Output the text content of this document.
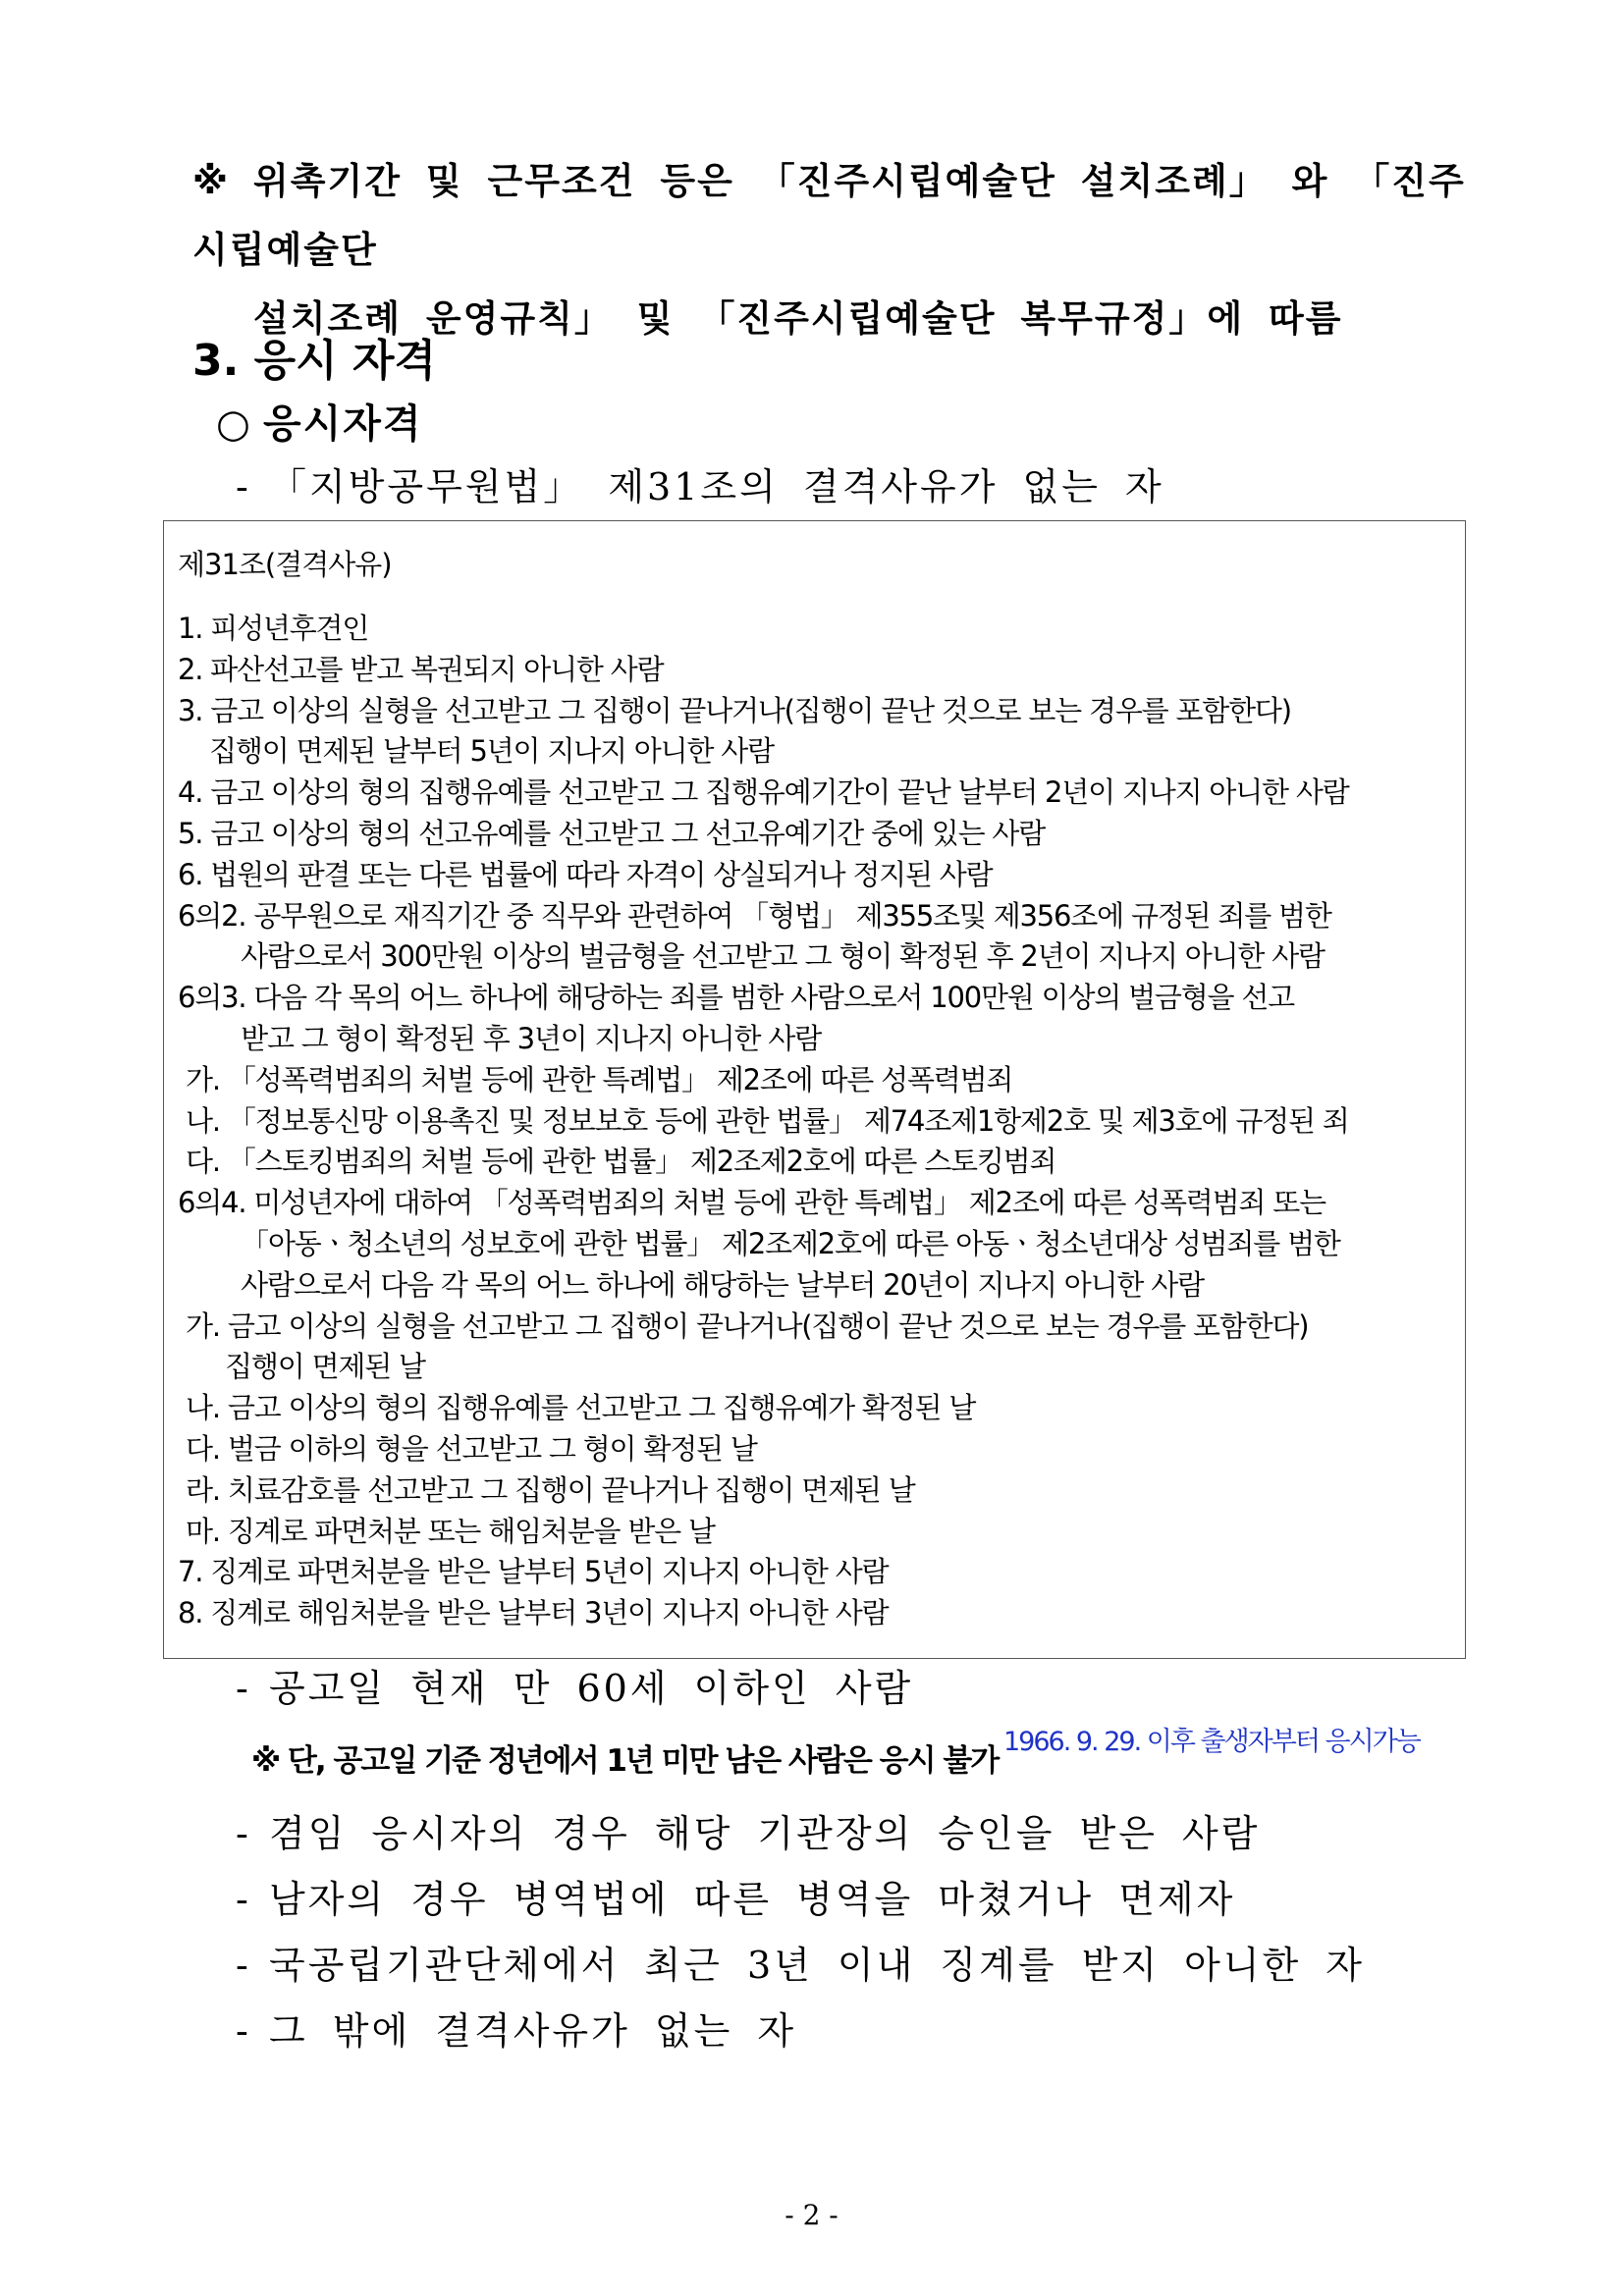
※ 위촉기간 및 근무조건 등은 「진주시립예술단 설치조례」 와 「진주시립예술단
설치조례 운영규칙」 및 「진주시립예술단 복무규정」에 따름
3. 응시 자격
○ 응시자격
- 「지방공무원법」 제31조의 결격사유가 없는 자
제31조(결격사유)
1. 피성년후견인
2. 파산선고를 받고 복권되지 아니한 사람
3. 금고 이상의 실형을 선고받고 그 집행이 끝나거나(집행이 끝난 것으로 보는 경우를 포함한다)
집행이 면제된 날부터 5년이 지나지 아니한 사람
4. 금고 이상의 형의 집행유예를 선고받고 그 집행유예기간이 끝난 날부터 2년이 지나지 아니한 사람
5. 금고 이상의 형의 선고유예를 선고받고 그 선고유예기간 중에 있는 사람
6. 법원의 판결 또는 다른 법률에 따라 자격이 상실되거나 정지된 사람
6의2. 공무원으로 재직기간 중 직무와 관련하여 「형법」 제355조및 제356조에 규정된 죄를 범한
사람으로서 300만원 이상의 벌금형을 선고받고 그 형이 확정된 후 2년이 지나지 아니한 사람
6의3. 다음 각 목의 어느 하나에 해당하는 죄를 범한 사람으로서 100만원 이상의 벌금형을 선고
받고 그 형이 확정된 후 3년이 지나지 아니한 사람
가. 「성폭력범죄의 처벌 등에 관한 특례법」 제2조에 따른 성폭력범죄
나. 「정보통신망 이용촉진 및 정보보호 등에 관한 법률」 제74조제1항제2호 및 제3호에 규정된 죄
다. 「스토킹범죄의 처벌 등에 관한 법률」 제2조제2호에 따른 스토킹범죄
6의4. 미성년자에 대하여 「성폭력범죄의 처벌 등에 관한 특례법」 제2조에 따른 성폭력범죄 또는
「아동ㆍ청소년의 성보호에 관한 법률」 제2조제2호에 따른 아동ㆍ청소년대상 성범죄를 범한
사람으로서 다음 각 목의 어느 하나에 해당하는 날부터 20년이 지나지 아니한 사람
가. 금고 이상의 실형을 선고받고 그 집행이 끝나거나(집행이 끝난 것으로 보는 경우를 포함한다)
집행이 면제된 날
나. 금고 이상의 형의 집행유예를 선고받고 그 집행유예가 확정된 날
다. 벌금 이하의 형을 선고받고 그 형이 확정된 날
라. 치료감호를 선고받고 그 집행이 끝나거나 집행이 면제된 날
마. 징계로 파면처분 또는 해임처분을 받은 날
7. 징계로 파면처분을 받은 날부터 5년이 지나지 아니한 사람
8. 징계로 해임처분을 받은 날부터 3년이 지나지 아니한 사람
- 공고일 현재 만 60세 이하인 사람
※ 단, 공고일 기준 정년에서 1년 미만 남은 사람은 응시 불가
1966. 9. 29. 이후 출생자부터 응시가능
- 겸임 응시자의 경우 해당 기관장의 승인을 받은 사람
- 남자의 경우 병역법에 따른 병역을 마쳤거나 면제자
- 국공립기관단체에서 최근 3년 이내 징계를 받지 아니한 자
- 그 밖에 결격사유가 없는 자
- 2 -
